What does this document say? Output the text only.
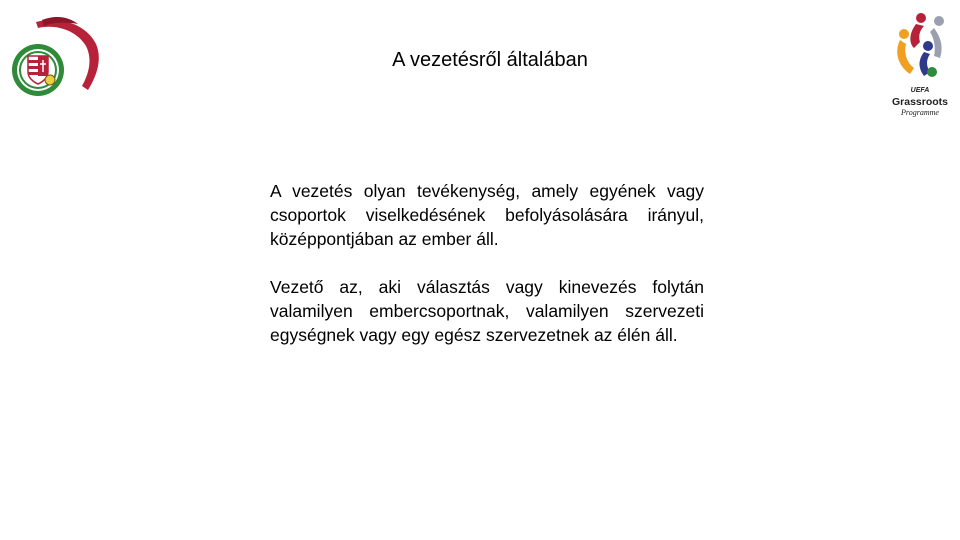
UEFA
Grassroots
Programme
A vezetésről általában

A vezetés olyan tevékenység, amely egyének vagy csoportok viselkedésének befolyásolására irányul, középpontjában az ember áll.

Vezető az, aki választás vagy kinevezés folytán valamilyen embercsoportnak, valamilyen szervezeti egységnek vagy egy egész szervezetnek az élén áll.
